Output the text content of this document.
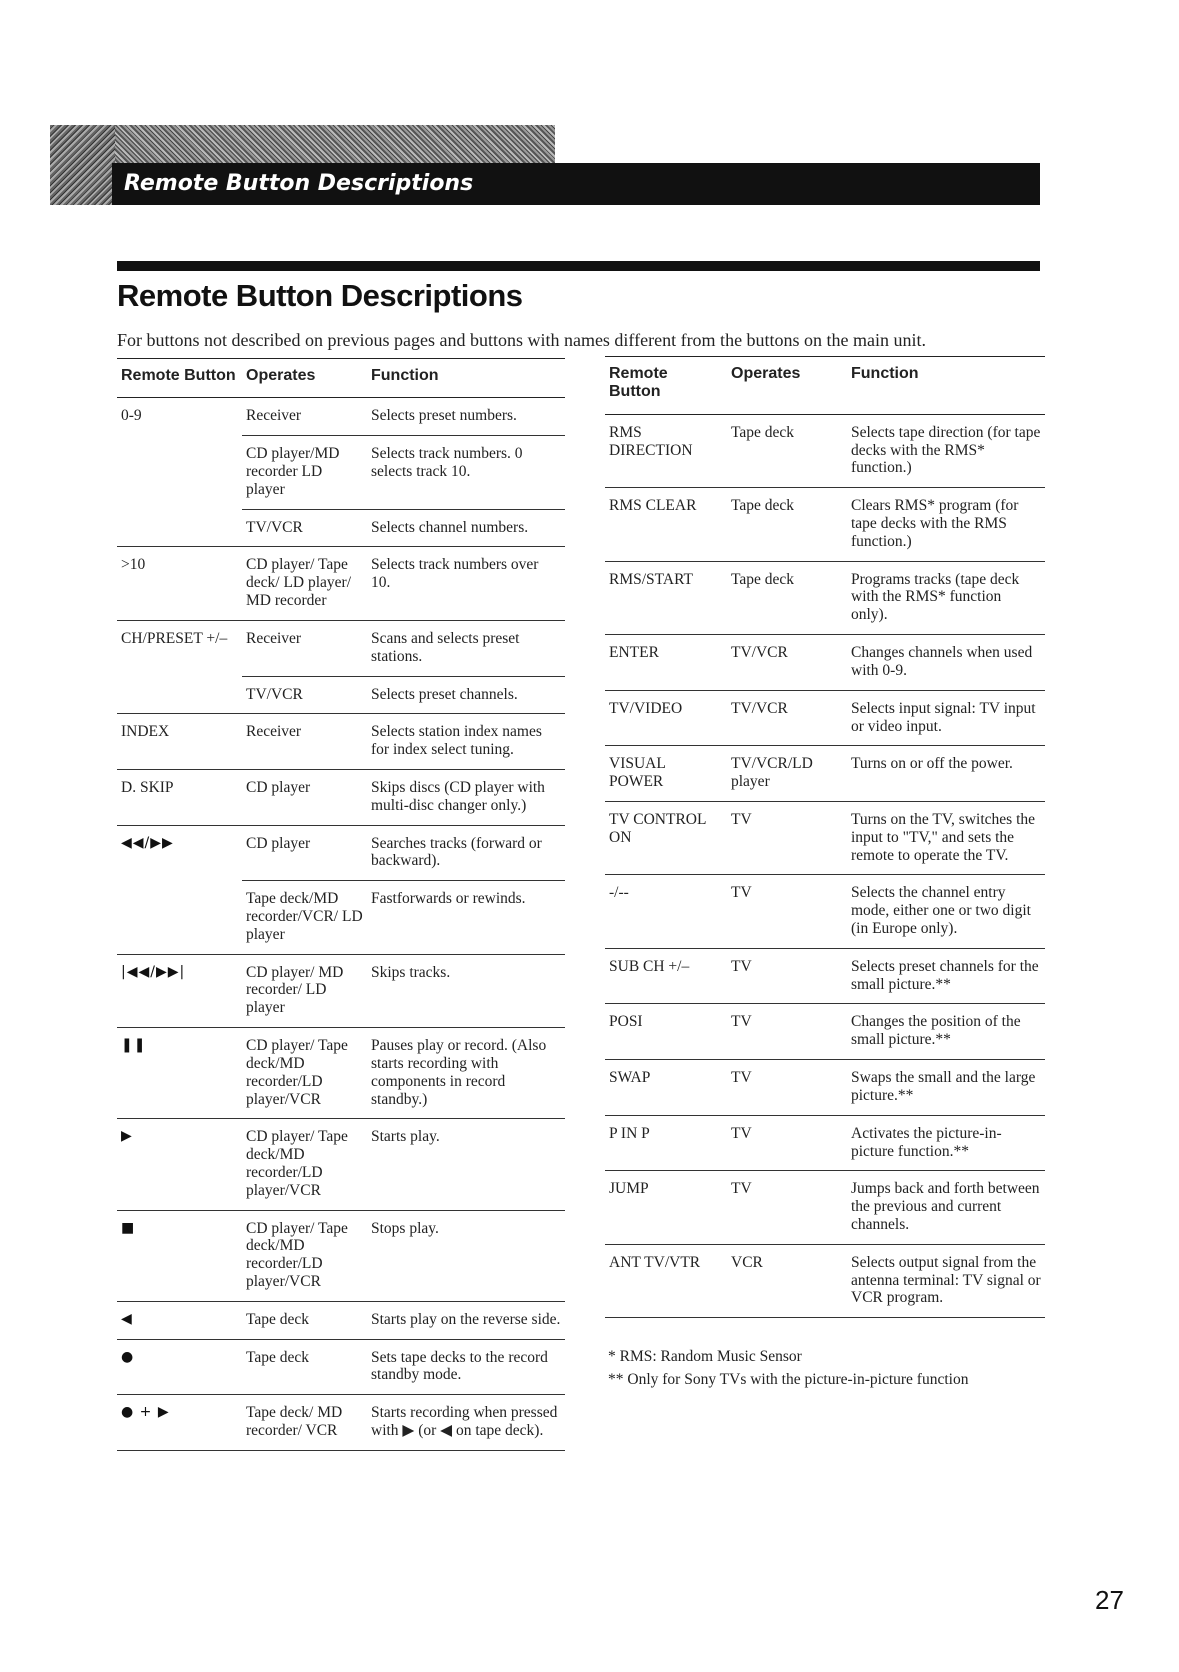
Remote Button Descriptions
Remote Button Descriptions
For buttons not described on previous pages and buttons with names different from the buttons on the main unit.
Remote Button	Operates	Function
0-9	Receiver	Selects preset numbers.
	CD player/MD recorder LD player	Selects track numbers. 0 selects track 10.
	TV/VCR	Selects channel numbers.
>10	CD player/ Tape deck/ LD player/ MD recorder	Selects track numbers over 10.
CH/PRESET +/–	Receiver	Scans and selects preset stations.
	TV/VCR	Selects preset channels.
INDEX	Receiver	Selects station index names for index select tuning.
D. SKIP	CD player	Skips discs (CD player with multi-disc changer only.)
◀◀/▶▶	CD player	Searches tracks (forward or backward).
	Tape deck/MD recorder/VCR/ LD player	Fastforwards or rewinds.
|◀◀/▶▶|	CD player/ MD recorder/ LD player	Skips tracks.
❚❚	CD player/ Tape deck/MD recorder/LD player/VCR	Pauses play or record. (Also starts recording with components in record standby.)
▶	CD player/ Tape deck/MD recorder/LD player/VCR	Starts play.
■	CD player/ Tape deck/MD recorder/LD player/VCR	Stops play.
◀	Tape deck	Starts play on the reverse side.
●	Tape deck	Sets tape decks to the record standby mode.
● + ▶	Tape deck/ MD recorder/ VCR	Starts recording when pressed with ▶ (or ◀ on tape deck).
Remote Button	Operates	Function
RMS DIRECTION	Tape deck	Selects tape direction (for tape decks with the RMS* function.)
RMS CLEAR	Tape deck	Clears RMS* program (for tape decks with the RMS function.)
RMS/START	Tape deck	Programs tracks (tape deck with the RMS* function only).
ENTER	TV/VCR	Changes channels when used with 0-9.
TV/VIDEO	TV/VCR	Selects input signal: TV input or video input.
VISUAL POWER	TV/VCR/LD player	Turns on or off the power.
TV CONTROL ON	TV	Turns on the TV, switches the input to "TV," and sets the remote to operate the TV.
-/--	TV	Selects the channel entry mode, either one or two digit (in Europe only).
SUB CH +/–	TV	Selects preset channels for the small picture.**
POSI	TV	Changes the position of the small picture.**
SWAP	TV	Swaps the small and the large picture.**
P IN P	TV	Activates the picture-in-picture function.**
JUMP	TV	Jumps back and forth between the previous and current channels.
ANT TV/VTR	VCR	Selects output signal from the antenna terminal: TV signal or VCR program.
* RMS: Random Music Sensor
** Only for Sony TVs with the picture-in-picture function
27
